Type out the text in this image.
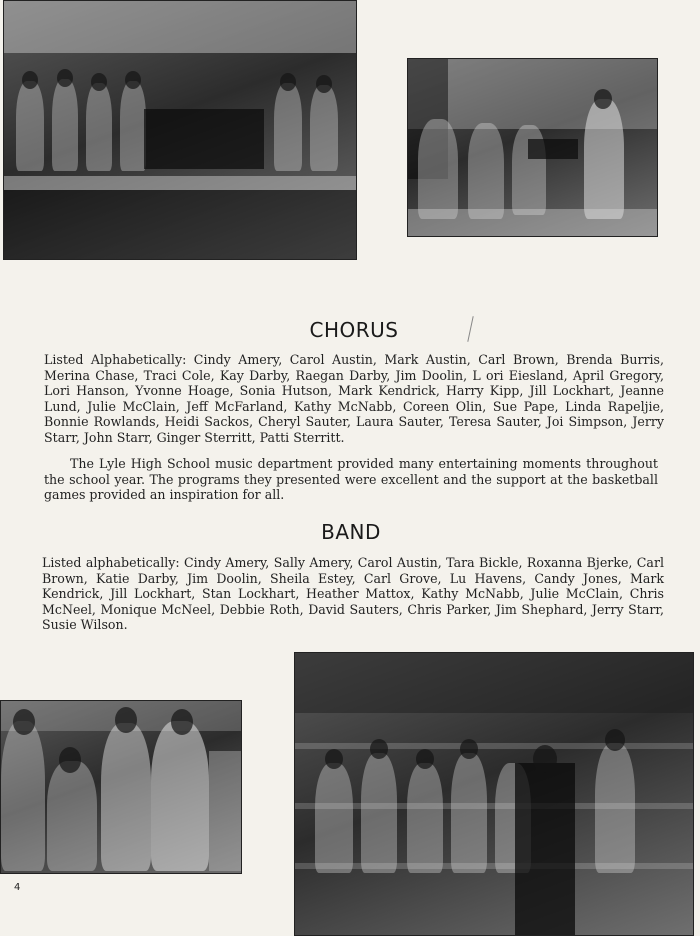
CHORUS
Listed Alphabetically: Cindy Amery, Carol Austin, Mark Austin, Carl Brown, Brenda Burris, Merina Chase, Traci Cole, Kay Darby, Raegan Darby, Jim Doolin, L ori Eiesland, April Gregory, Lori Hanson, Yvonne Hoage, Sonia Hutson, Mark Kendrick, Harry Kipp, Jill Lockhart, Jeanne Lund, Julie McClain, Jeff McFarland, Kathy McNabb, Coreen Olin, Sue Pape, Linda Rapeljie, Bonnie Rowlands, Heidi Sackos, Cheryl Sauter, Laura Sauter, Teresa Sauter, Joi Simpson, Jerry Starr, John Starr, Ginger Sterritt, Patti Sterritt.
The Lyle High School music department provided many entertaining moments throughout the school year. The programs they presented were excellent and the support at the basketball games provided an inspiration for all.
BAND
Listed alphabetically: Cindy Amery, Sally Amery, Carol Austin, Tara Bickle, Roxanna Bjerke, Carl Brown, Katie Darby, Jim Doolin, Sheila Estey, Carl Grove, Lu Havens, Candy Jones, Mark Kendrick, Jill Lockhart, Stan Lockhart, Heather Mattox, Kathy McNabb, Julie McClain, Chris McNeel, Monique McNeel, Debbie Roth, David Sauters, Chris Parker, Jim Shephard, Jerry Starr, Susie Wilson.
4
